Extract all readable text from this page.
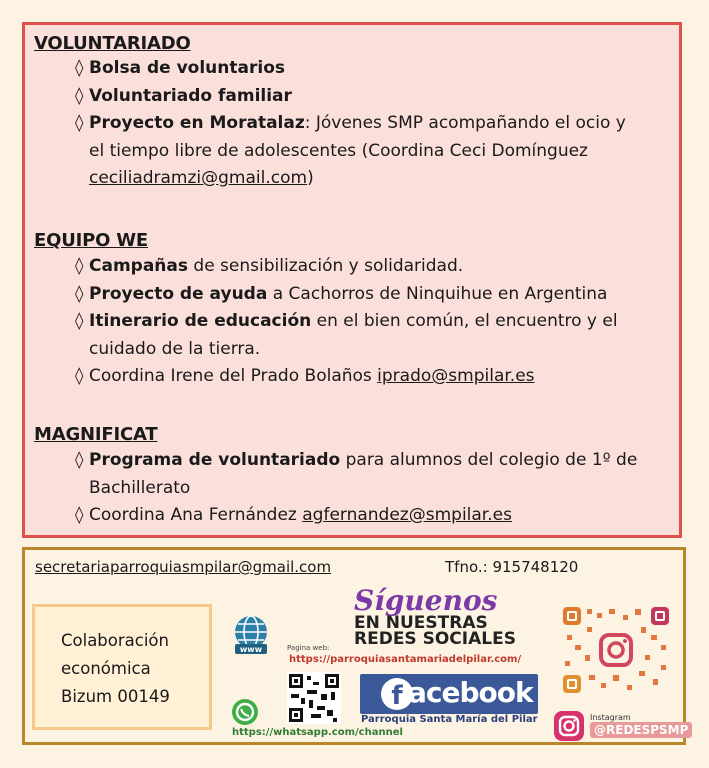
VOLUNTARIADO
◊ Bolsa de voluntarios
◊ Voluntariado familiar
◊ Proyecto en Moratalaz: Jóvenes SMP acompañando el ocio y
el tiempo libre de adolescentes (Coordina Ceci Domínguez
ceciliadramzi@gmail.com)
EQUIPO WE
◊ Campañas de sensibilización y solidaridad.
◊ Proyecto de ayuda a Cachorros de Ninquihue en Argentina
◊ Itinerario de educación en el bien común, el encuentro y el
cuidado de la tierra.
◊ Coordina Irene del Prado Bolaños iprado@smpilar.es
MAGNIFICAT
◊ Programa de voluntariado para alumnos del colegio de 1º de
Bachillerato
◊ Coordina Ana Fernández agfernandez@smpilar.es
secretariaparroquiasmpilar@gmail.com	Tfno.: 915748120
Colaboración
económica
Bizum 00149
www	Pagina web:
https://parroquiasantamariadelpilar.com/
Síguenos
EN NUESTRAS
REDES SOCIALES
https://whatsapp.com/channel
f acebook
Parroquia Santa María del Pilar	Instagram
@REDESPSMP
